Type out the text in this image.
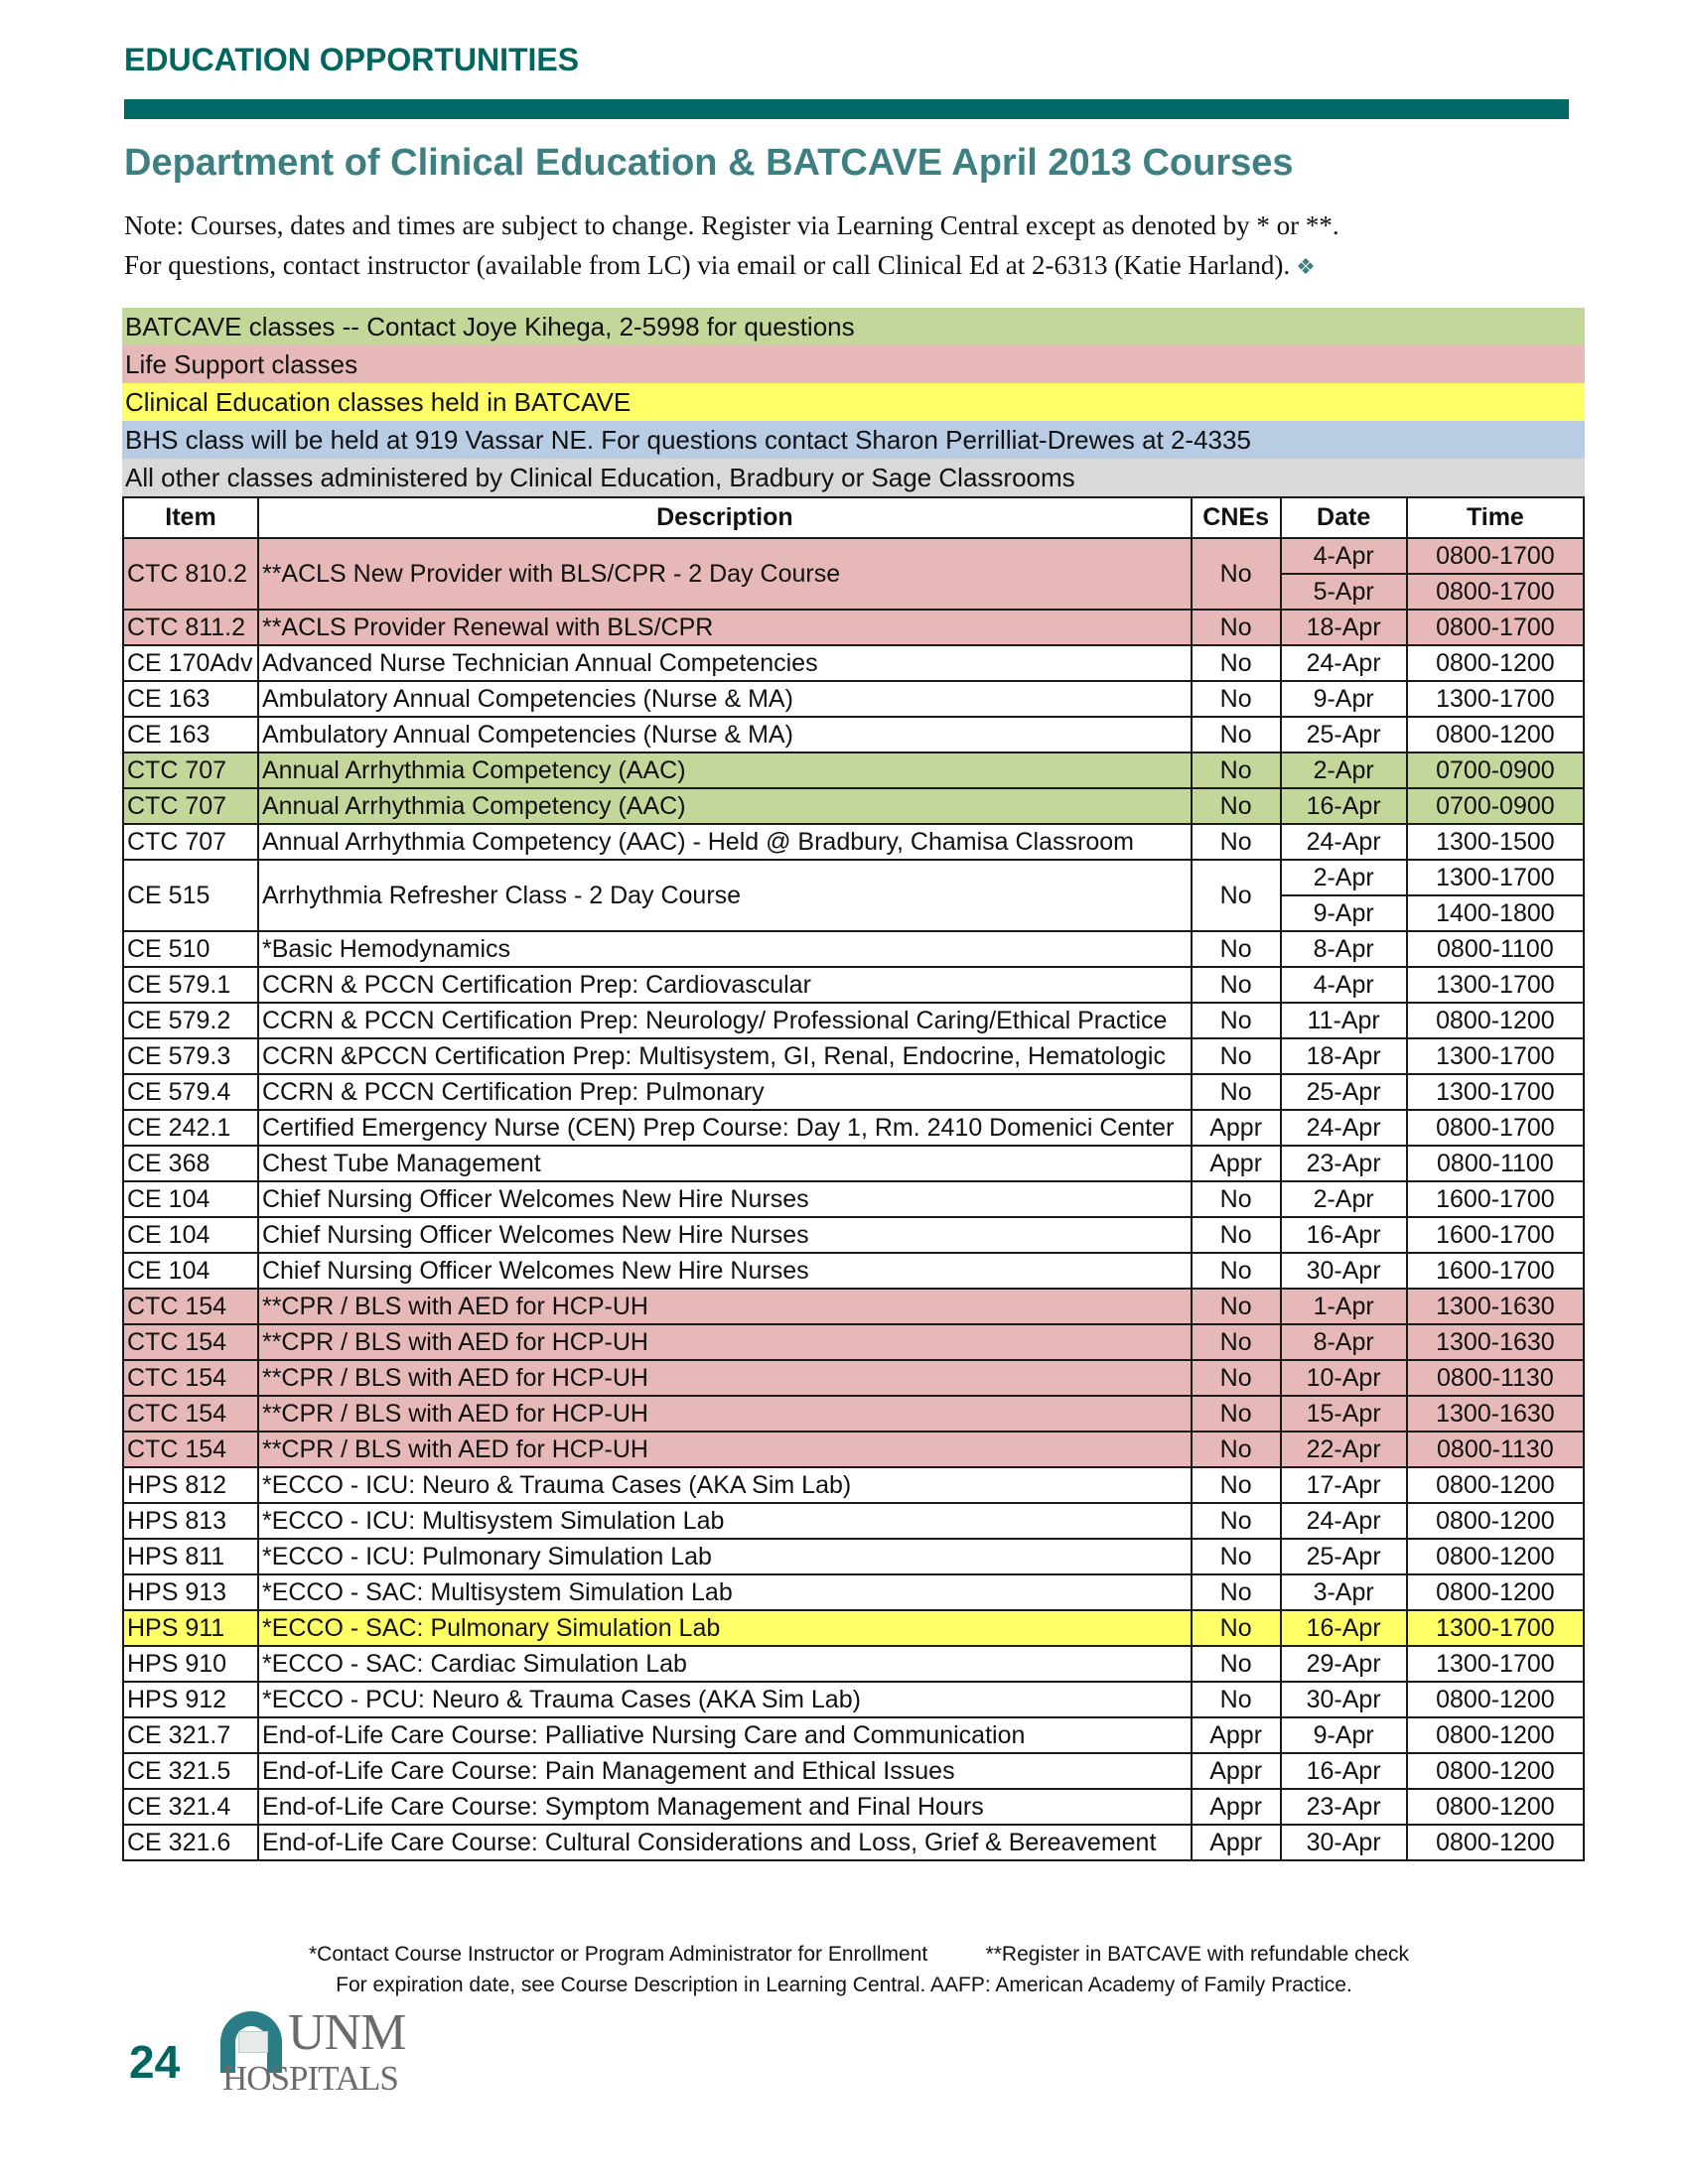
EDUCATION OPPORTUNITIES
Department of Clinical Education & BATCAVE April 2013 Courses
Note: Courses, dates and times are subject to change. Register via Learning Central except as denoted by * or **.
For questions, contact instructor (available from LC) via email or call Clinical Ed at 2-6313 (Katie Harland). ❖
BATCAVE classes -- Contact Joye Kihega, 2-5998 for questions
Life Support classes
Clinical Education classes held in BATCAVE
BHS class will be held at 919 Vassar NE. For questions contact Sharon Perrilliat-Drewes at 2-4335
All other classes administered by Clinical Education, Bradbury or Sage Classrooms
Item	Description	CNEs	Date	Time
CTC 810.2	**ACLS New Provider with BLS/CPR - 2 Day Course	No	4-Apr	0800-1700
			5-Apr	0800-1700
CTC 811.2	**ACLS Provider Renewal with BLS/CPR	No	18-Apr	0800-1700
CE 170Adv	Advanced Nurse Technician Annual Competencies	No	24-Apr	0800-1200
CE 163	Ambulatory Annual Competencies (Nurse & MA)	No	9-Apr	1300-1700
CE 163	Ambulatory Annual Competencies (Nurse & MA)	No	25-Apr	0800-1200
CTC 707	Annual Arrhythmia Competency (AAC)	No	2-Apr	0700-0900
CTC 707	Annual Arrhythmia Competency (AAC)	No	16-Apr	0700-0900
CTC 707	Annual Arrhythmia Competency (AAC) - Held @ Bradbury, Chamisa Classroom	No	24-Apr	1300-1500
CE 515	Arrhythmia Refresher Class - 2 Day Course	No	2-Apr	1300-1700
			9-Apr	1400-1800
CE 510	*Basic Hemodynamics	No	8-Apr	0800-1100
CE 579.1	CCRN & PCCN Certification Prep: Cardiovascular	No	4-Apr	1300-1700
CE 579.2	CCRN & PCCN Certification Prep: Neurology/ Professional Caring/Ethical Practice	No	11-Apr	0800-1200
CE 579.3	CCRN &PCCN Certification Prep: Multisystem, GI, Renal, Endocrine, Hematologic	No	18-Apr	1300-1700
CE 579.4	CCRN & PCCN Certification Prep: Pulmonary	No	25-Apr	1300-1700
CE 242.1	Certified Emergency Nurse (CEN) Prep Course: Day 1, Rm. 2410 Domenici Center	Appr	24-Apr	0800-1700
CE 368	Chest Tube Management	Appr	23-Apr	0800-1100
CE 104	Chief Nursing Officer Welcomes New Hire Nurses	No	2-Apr	1600-1700
CE 104	Chief Nursing Officer Welcomes New Hire Nurses	No	16-Apr	1600-1700
CE 104	Chief Nursing Officer Welcomes New Hire Nurses	No	30-Apr	1600-1700
CTC 154	**CPR / BLS with AED for HCP-UH	No	1-Apr	1300-1630
CTC 154	**CPR / BLS with AED for HCP-UH	No	8-Apr	1300-1630
CTC 154	**CPR / BLS with AED for HCP-UH	No	10-Apr	0800-1130
CTC 154	**CPR / BLS with AED for HCP-UH	No	15-Apr	1300-1630
CTC 154	**CPR / BLS with AED for HCP-UH	No	22-Apr	0800-1130
HPS 812	*ECCO - ICU: Neuro & Trauma Cases (AKA Sim Lab)	No	17-Apr	0800-1200
HPS 813	*ECCO - ICU: Multisystem Simulation Lab	No	24-Apr	0800-1200
HPS 811	*ECCO - ICU: Pulmonary Simulation Lab	No	25-Apr	0800-1200
HPS 913	*ECCO - SAC: Multisystem Simulation Lab	No	3-Apr	0800-1200
HPS 911	*ECCO - SAC: Pulmonary Simulation Lab	No	16-Apr	1300-1700
HPS 910	*ECCO - SAC: Cardiac Simulation Lab	No	29-Apr	1300-1700
HPS 912	*ECCO - PCU: Neuro & Trauma Cases (AKA Sim Lab)	No	30-Apr	0800-1200
CE 321.7	End-of-Life Care Course: Palliative Nursing Care and Communication	Appr	9-Apr	0800-1200
CE 321.5	End-of-Life Care Course: Pain Management and Ethical Issues	Appr	16-Apr	0800-1200
CE 321.4	End-of-Life Care Course: Symptom Management and Final Hours	Appr	23-Apr	0800-1200
CE 321.6	End-of-Life Care Course: Cultural Considerations and Loss, Grief & Bereavement	Appr	30-Apr	0800-1200
*Contact Course Instructor or Program Administrator for Enrollment	**Register in BATCAVE with refundable check
For expiration date, see Course Description in Learning Central. AAFP: American Academy of Family Practice.
24
UNM
HOSPITALS
